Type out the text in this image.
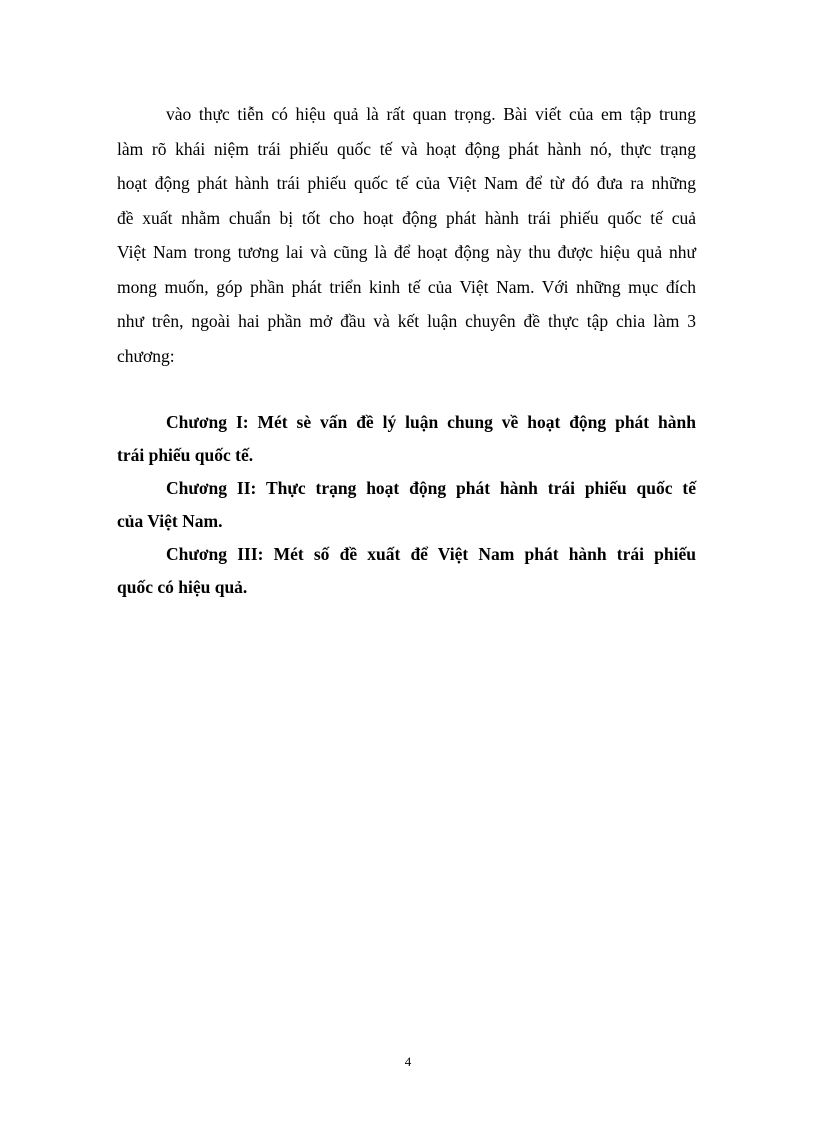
vào thực tiễn có hiệu quả là rất quan trọng. Bài viết của em tập trung
làm rõ khái niệm trái phiếu quốc tế và hoạt động phát hành nó, thực trạng
hoạt động phát hành trái phiếu quốc tế của Việt Nam để từ đó đưa ra những
đề xuất nhằm chuẩn bị tốt cho hoạt động phát hành trái phiếu quốc tế cuả
Việt Nam trong tương lai và cũng là để hoạt động này thu được hiệu quả như
mong muốn, góp phần phát triển kinh tế của Việt Nam. Với những mục đích
như trên, ngoài hai phần mở đầu và kết luận chuyên đề thực tập chia làm 3
chương:
Chương I: Mét sè vấn đề lý luận chung về hoạt động phát hành
trái phiếu quốc tế.
Chương II: Thực trạng hoạt động phát hành trái phiếu quốc tế
của Việt Nam.
Chương III: Mét số đề xuất để Việt Nam phát hành trái phiếu
quốc có hiệu quả.
4
